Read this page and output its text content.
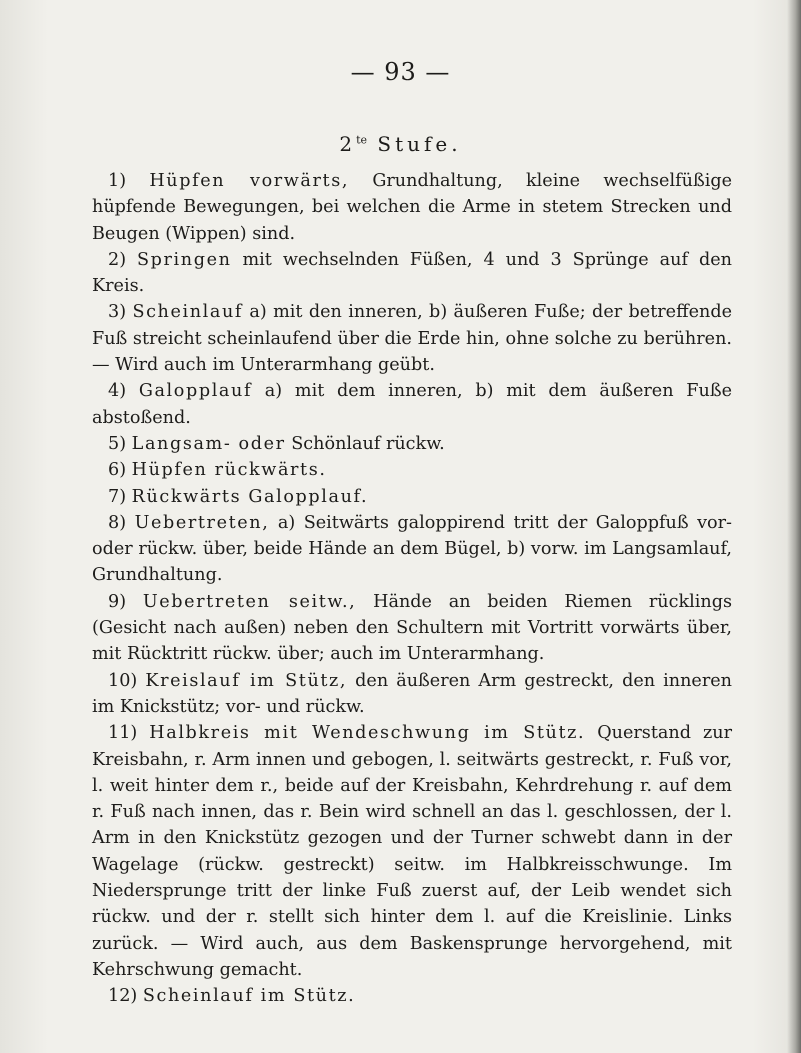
— 93 —
$2^{te}$ Stufe.

1) Hüpfen vorwärts, Grundhaltung, kleine wechselfüßige hüpfende Bewegungen, bei welchen die Arme in stetem Strecken und Beugen (Wippen) sind.

2) Springen mit wechselnden Füßen, 4 und 3 Sprünge auf den Kreis.

3) Scheinlauf a) mit den inneren, b) äußeren Fuße; der betreffende Fuß streicht scheinlaufend über die Erde hin, ohne solche zu berühren. — Wird auch im Unterarmhang geübt.

4) Galopplauf a) mit dem inneren, b) mit dem äußeren Fuße abstoßend.

5) Langsam- oder Schönlauf rückw.

6) Hüpfen rückwärts.

7) Rückwärts Galopplauf.

8) Uebertreten, a) Seitwärts galoppirend tritt der Galoppfuß vor- oder rückw. über, beide Hände an dem Bügel, b) vorw. im Langsamlauf, Grundhaltung.

9) Uebertreten seitw., Hände an beiden Riemen rücklings (Gesicht nach außen) neben den Schultern mit Vortritt vorwärts über, mit Rücktritt rückw. über; auch im Unterarmhang.

10) Kreislauf im Stütz, den äußeren Arm gestreckt, den inneren im Knickstütz; vor- und rückw.

11) Halbkreis mit Wendeschwung im Stütz. Querstand zur Kreisbahn, r. Arm innen und gebogen, l. seitwärts gestreckt, r. Fuß vor, l. weit hinter dem r., beide auf der Kreisbahn, Kehrdrehung r. auf dem r. Fuß nach innen, das r. Bein wird schnell an das l. geschlossen, der l. Arm in den Knickstütz gezogen und der Turner schwebt dann in der Wagelage (rückw. gestreckt) seitw. im Halbkreisschwunge. Im Niedersprunge tritt der linke Fuß zuerst auf, der Leib wendet sich rückw. und der r. stellt sich hinter dem l. auf die Kreislinie. Links zurück. — Wird auch, aus dem Baskensprunge hervorgehend, mit Kehrschwung gemacht.

12) Scheinlauf im Stütz.
